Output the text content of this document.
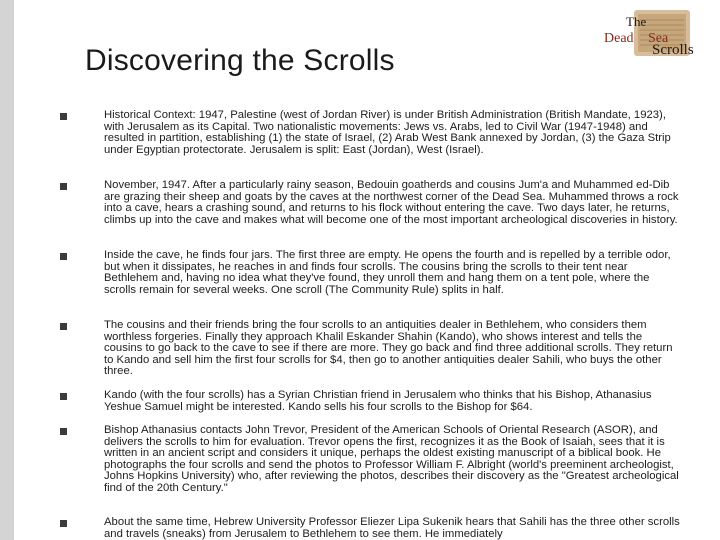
Discovering the Scrolls
The
Dead Sea
Scrolls

Historical Context: 1947, Palestine (west of Jordan River) is under British Administration (British Mandate, 1923), with Jerusalem as its Capital. Two nationalistic movements: Jews vs. Arabs, led to Civil War (1947-1948) and resulted in partition, establishing (1) the state of Israel, (2) Arab West Bank annexed by Jordan, (3) the Gaza Strip under Egyptian protectorate. Jerusalem is split: East (Jordan), West (Israel).

November, 1947. After a particularly rainy season, Bedouin goatherds and cousins Jum'a and Muhammed ed-Dib are grazing their sheep and goats by the caves at the northwest corner of the Dead Sea. Muhammed throws a rock into a cave, hears a crashing sound, and returns to his flock without entering the cave. Two days later, he returns, climbs up into the cave and makes what will become one of the most important archeological discoveries in history.

Inside the cave, he finds four jars. The first three are empty. He opens the fourth and is repelled by a terrible odor, but when it dissipates, he reaches in and finds four scrolls. The cousins bring the scrolls to their tent near Bethlehem and, having no idea what they've found, they unroll them and hang them on a tent pole, where the scrolls remain for several weeks. One scroll (The Community Rule) splits in half.

The cousins and their friends bring the four scrolls to an antiquities dealer in Bethlehem, who considers them worthless forgeries. Finally they approach Khalil Eskander Shahin (Kando), who shows interest and tells the cousins to go back to the cave to see if there are more. They go back and find three additional scrolls. They return to Kando and sell him the first four scrolls for $4, then go to another antiquities dealer Sahili, who buys the other three.

Kando (with the four scrolls) has a Syrian Christian friend in Jerusalem who thinks that his Bishop, Athanasius Yeshue Samuel might be interested. Kando sells his four scrolls to the Bishop for $64.

Bishop Athanasius contacts John Trevor, President of the American Schools of Oriental Research (ASOR), and delivers the scrolls to him for evaluation. Trevor opens the first, recognizes it as the Book of Isaiah, sees that it is written in an ancient script and considers it unique, perhaps the oldest existing manuscript of a biblical book. He photographs the four scrolls and send the photos to Professor William F. Albright (world's preeminent archeologist, Johns Hopkins University) who, after reviewing the photos, describes their discovery as the "Greatest archeological find of the 20th Century."

About the same time, Hebrew University Professor Eliezer Lipa Sukenik hears that Sahili has the three other scrolls and travels (sneaks) from Jerusalem to Bethlehem to see them. He immediately
